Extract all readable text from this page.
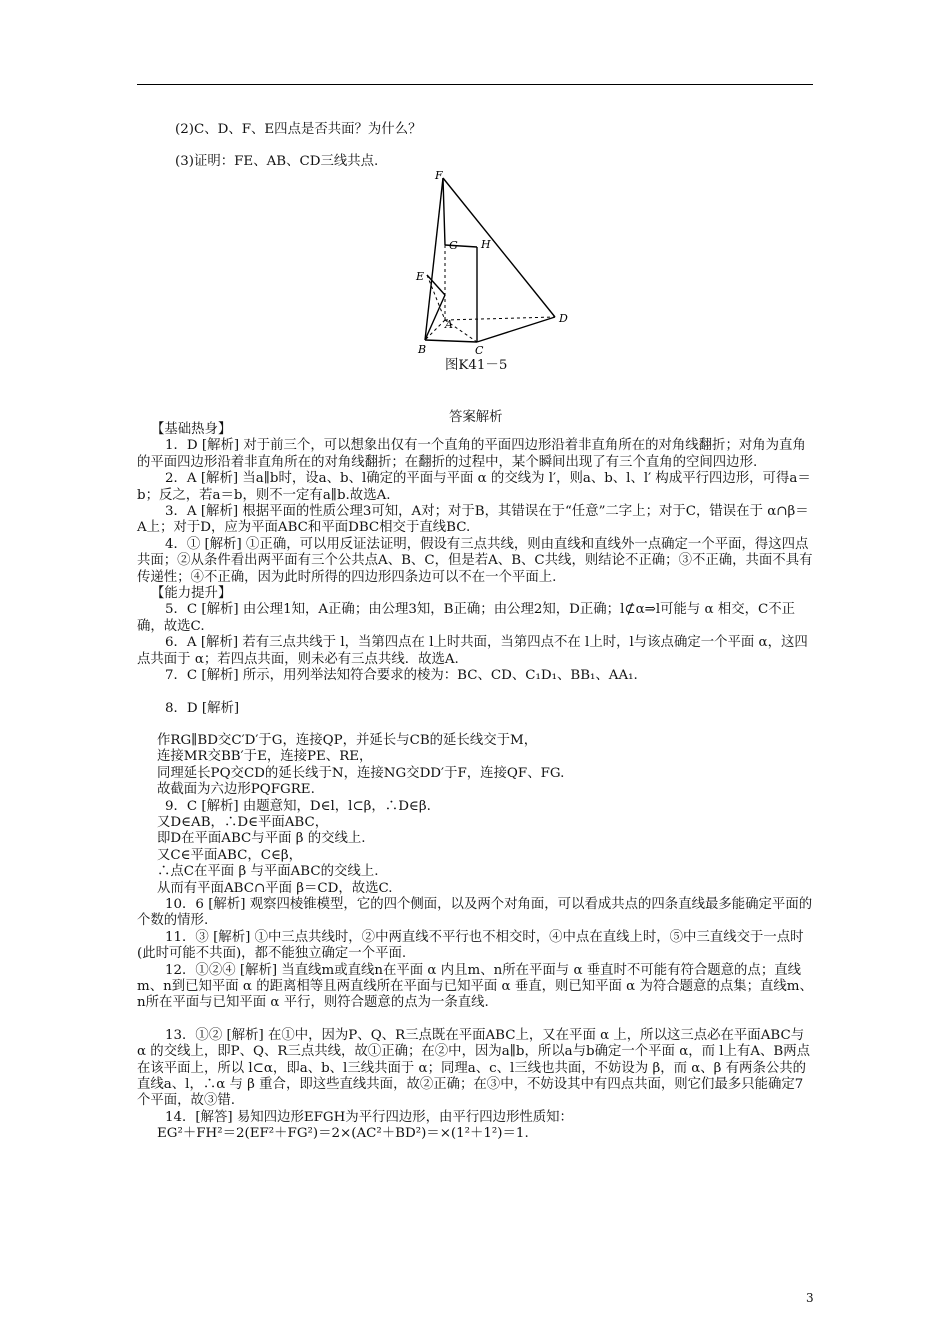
(2)C、D、F、E四点是否共面？为什么？
(3)证明：FE、AB、CD三线共点.
F
G H
E
A	D
B	C
图K41－5
答案解析

【基础热身】

1．D [解析] 对于前三个，可以想象出仅有一个直角的平面四边形沿着非直角所在的对角线翻折；对角为直角的平面四边形沿着非直角所在的对角线翻折；在翻折的过程中，某个瞬间出现了有三个直角的空间四边形.

2．A [解析] 当a∥b时，设a、b、l确定的平面与平面 α 的交线为 l′，则a、b、l、l′ 构成平行四边形，可得a＝b；反之，若a＝b，则不一定有a∥b.故选A.

3．A [解析] 根据平面的性质公理3可知，A对；对于B，其错误在于“任意”二字上；对于C，错误在于 α∩β＝A上；对于D，应为平面ABC和平面DBC相交于直线BC.

4．① [解析] ①正确，可以用反证法证明，假设有三点共线，则由直线和直线外一点确定一个平面，得这四点共面；②从条件看出两平面有三个公共点A、B、C，但是若A、B、C共线，则结论不正确；③不正确，共面不具有传递性；④不正确，因为此时所得的四边形四条边可以不在一个平面上.

【能力提升】

5．C [解析] 由公理1知，A正确；由公理3知，B正确；由公理2知，D正确；l⊄α⇒l可能与 α 相交，C不正确，故选C.

6．A [解析] 若有三点共线于 l，当第四点在 l上时共面，当第四点不在 l上时，l与该点确定一个平面 α，这四点共面于 α；若四点共面，则未必有三点共线．故选A.

7．C [解析] 所示，用列举法知符合要求的棱为：BC、CD、C₁D₁、BB₁、AA₁.

8．D [解析]

作RG∥BD交C′D′于G，连接QP，并延长与CB的延长线交于M，

连接MR交BB′于E，连接PE、RE，

同理延长PQ交CD的延长线于N，连接NG交DD′于F，连接QF、FG.

故截面为六边形PQFGRE.

9．C [解析] 由题意知，D∈l，l⊂β，∴D∈β.

又D∈AB，∴D∈平面ABC，

即D在平面ABC与平面 β 的交线上.

又C∈平面ABC，C∈β，

∴点C在平面 β 与平面ABC的交线上.

从而有平面ABC∩平面 β＝CD，故选C.

10．6 [解析] 观察四棱锥模型，它的四个侧面，以及两个对角面，可以看成共点的四条直线最多能确定平面的个数的情形.

11．③ [解析] ①中三点共线时，②中两直线不平行也不相交时，④中点在直线上时，⑤中三直线交于一点时(此时可能不共面)，都不能独立确定一个平面.

12．①②④ [解析] 当直线m或直线n在平面 α 内且m、n所在平面与 α 垂直时不可能有符合题意的点；直线m、n到已知平面 α 的距离相等且两直线所在平面与已知平面 α 垂直，则已知平面 α 为符合题意的点集；直线m、n所在平面与已知平面 α 平行，则符合题意的点为一条直线.

13．①② [解析] 在①中，因为P、Q、R三点既在平面ABC上，又在平面 α 上，所以这三点必在平面ABC与 α 的交线上，即P、Q、R三点共线，故①正确；在②中，因为a∥b，所以a与b确定一个平面 α，而 l上有A、B两点在该平面上，所以 l⊂α，即a、b、l三线共面于 α；同理a、c、l三线也共面，不妨设为 β，而 α、β 有两条公共的直线a、l，∴α 与 β 重合，即这些直线共面，故②正确；在③中，不妨设其中有四点共面，则它们最多只能确定7个平面，故③错.

14．[解答] 易知四边形EFGH为平行四边形，由平行四边形性质知：

EG²＋FH²＝2(EF²＋FG²)＝2×(AC²＋BD²)＝×(1²＋1²)＝1.

3
